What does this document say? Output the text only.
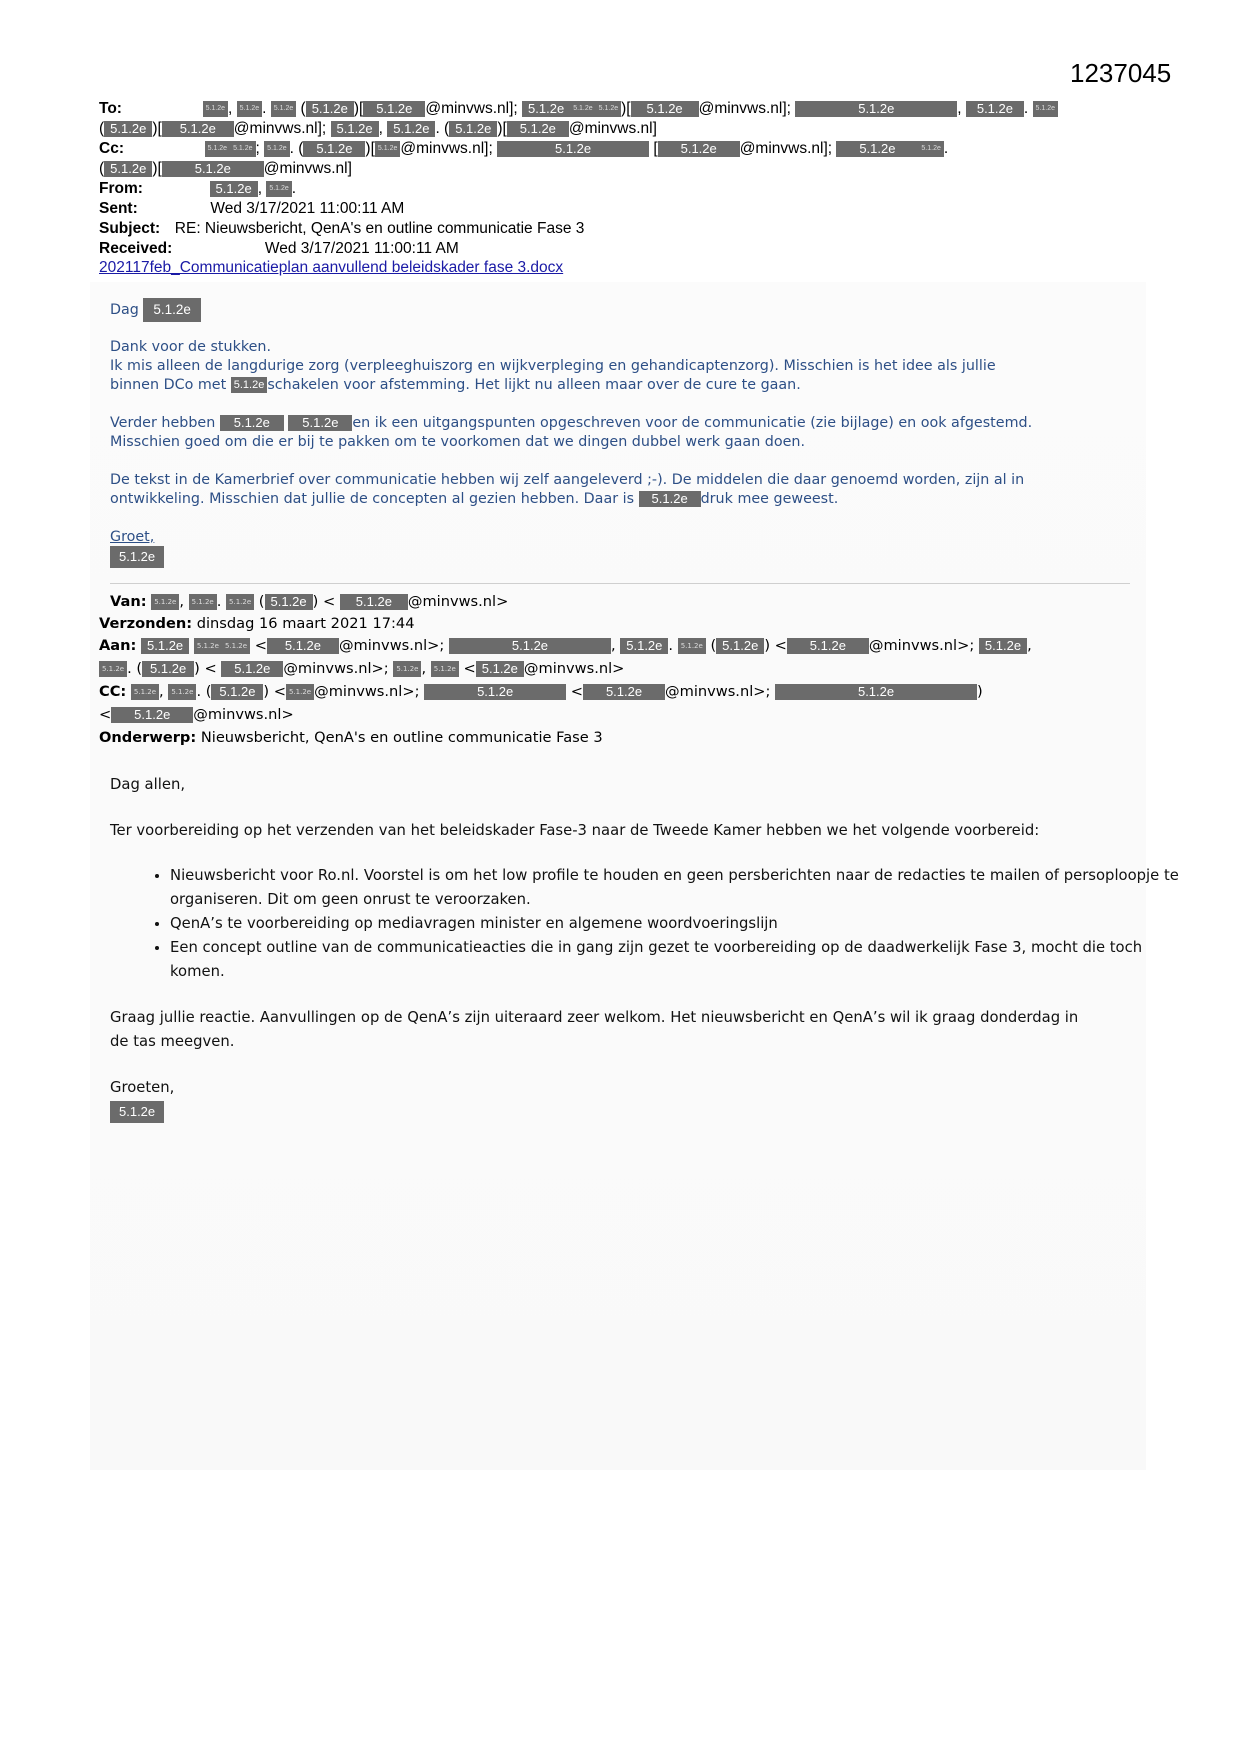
1237045
To:	5.1.2e , 5.1.2e . 5.1.2e ( 5.1.2e )[ 5.1.2e @minvws.nl]; 5.1.2e 5.1.2e 5.1.2e )[ 5.1.2e @minvws.nl];	5.1.2e	, 5.1.2e . 5.1.2e
( 5.1.2e )[ 5.1.2e @minvws.nl]; 5.1.2e , 5.1.2e . ( 5.1.2e )[ 5.1.2e @minvws.nl]
Cc:	5.1.2e 5.1.2e ; 5.1.2e . ( 5.1.2e )[ 5.1.2e @minvws.nl];	5.1.2e	[ 5.1.2e @minvws.nl]; 5.1.2e	5.1.2e .
( 5.1.2e )[	5.1.2e @minvws.nl]
From:	5.1.2e , 5.1.2e .
Sent:	Wed 3/17/2021 11:00:11 AM
Subject: RE: Nieuwsbericht, QenA's en outline communicatie Fase 3
Received:	Wed 3/17/2021 11:00:11 AM
202117feb_Communicatieplan aanvullend beleidskader fase 3.docx
Dag 5.1.2e
Dank voor de stukken.
Ik mis alleen de langdurige zorg (verpleeghuiszorg en wijkverpleging en gehandicaptenzorg). Misschien is het idee als jullie
binnen DCo met 5.1.2e schakelen voor afstemming. Het lijkt nu alleen maar over de cure te gaan.
Verder hebben 5.1.2e 5.1.2e en ik een uitgangspunten opgeschreven voor de communicatie (zie bijlage) en ook afgestemd.
Misschien goed om die er bij te pakken om te voorkomen dat we dingen dubbel werk gaan doen.
De tekst in de Kamerbrief over communicatie hebben wij zelf aangeleverd ;-). De middelen die daar genoemd worden, zijn al in
ontwikkeling. Misschien dat jullie de concepten al gezien hebben. Daar is 5.1.2e druk mee geweest.
Groet,
5.1.2e
Van: 5.1.2e , 5.1.2e . 5.1.2e ( 5.1.2e ) < 5.1.2e @minvws.nl>
Verzonden: dinsdag 16 maart 2021 17:44
Aan: 5.1.2e 5.1.2e 5.1.2e < 5.1.2e @minvws.nl>;	5.1.2e	, 5.1.2e . 5.1.2e ( 5.1.2e ) < 5.1.2e @minvws.nl>; 5.1.2e ,
5.1.2e . ( 5.1.2e ) < 5.1.2e @minvws.nl>; 5.1.2e , 5.1.2e < 5.1.2e @minvws.nl>
CC: 5.1.2e , 5.1.2e . ( 5.1.2e ) < 5.1.2e @minvws.nl>;	5.1.2e	< 5.1.2e @minvws.nl>;	5.1.2e	)
< 5.1.2e @minvws.nl>
Onderwerp: Nieuwsbericht, QenA's en outline communicatie Fase 3
Dag allen,
Ter voorbereiding op het verzenden van het beleidskader Fase-3 naar de Tweede Kamer hebben we het volgende voorbereid:
• Nieuwsbericht voor Ro.nl. Voorstel is om het low profile te houden en geen persberichten naar de redacties te mailen of persoploopje te organiseren. Dit om geen onrust te veroorzaken.
• QenA’s te voorbereiding op mediavragen minister en algemene woordvoeringslijn
• Een concept outline van de communicatieacties die in gang zijn gezet te voorbereiding op de daadwerkelijk Fase 3, mocht die toch komen.
Graag jullie reactie. Aanvullingen op de QenA’s zijn uiteraard zeer welkom. Het nieuwsbericht en QenA’s wil ik graag donderdag in
de tas meegven.
Groeten,
5.1.2e
